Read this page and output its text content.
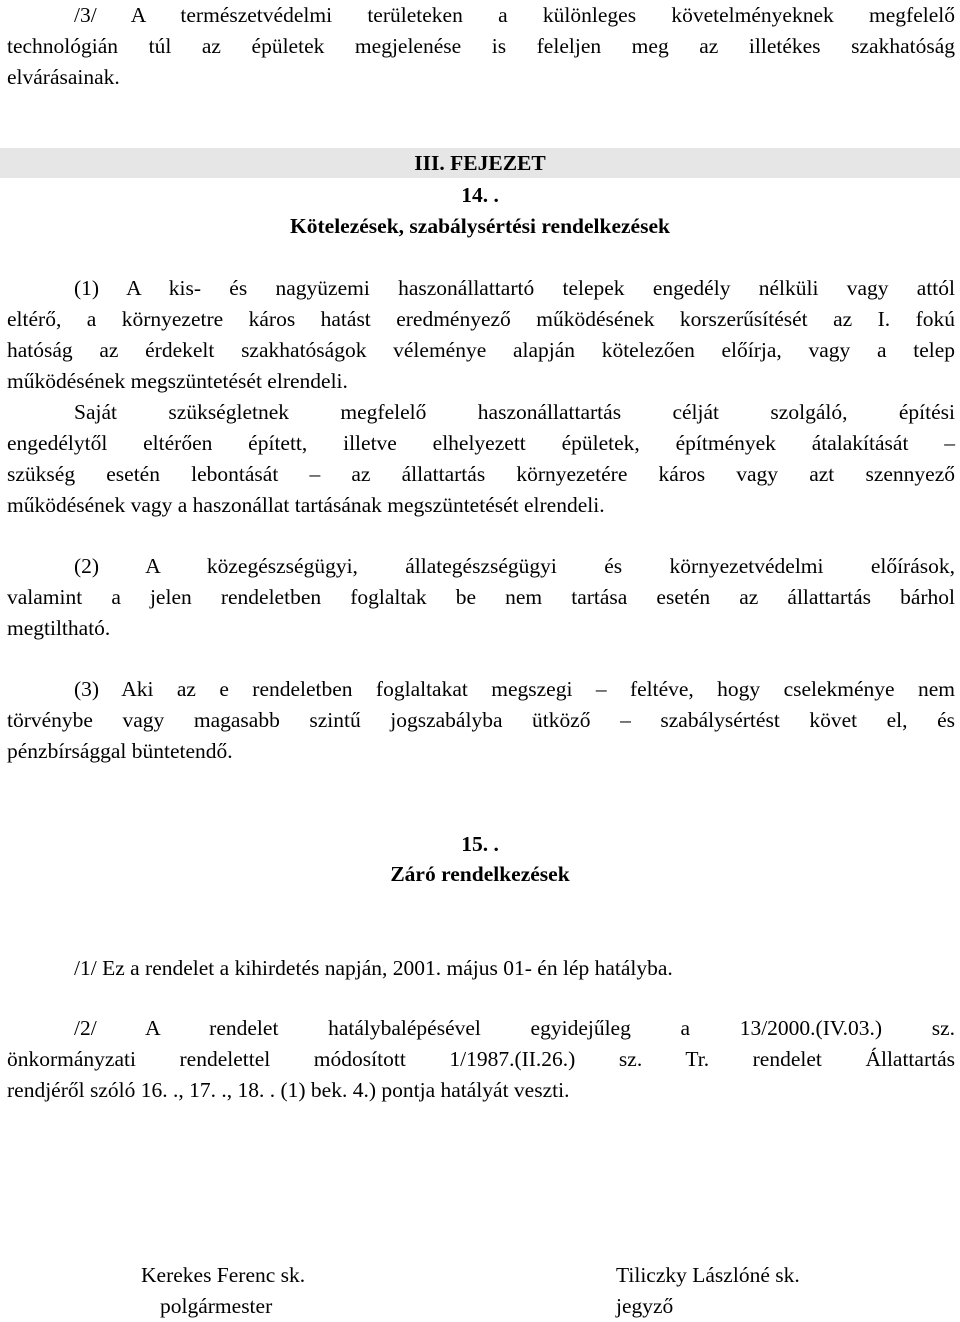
/3/ A természetvédelmi területeken a különleges követelményeknek megfelelő
technológián túl az épületek megjelenése is feleljen meg az illetékes szakhatóság
elvárásainak.

III. FEJEZET

14. .

Kötelezések, szabálysértési rendelkezések

(1) A kis- és nagyüzemi haszonállattartó telepek engedély nélküli vagy attól
eltérő, a környezetre káros hatást eredményező működésének korszerűsítését az I. fokú
hatóság az érdekelt szakhatóságok véleménye alapján kötelezően előírja, vagy a telep
működésének megszüntetését elrendeli.

Saját szükségletnek megfelelő haszonállattartás célját szolgáló, építési
engedélytől eltérően épített, illetve elhelyezett épületek, építmények átalakítását –
szükség esetén lebontását – az állattartás környezetére káros vagy azt szennyező
működésének vagy a haszonállat tartásának megszüntetését elrendeli.

(2) A közegészségügyi, állategészségügyi és környezetvédelmi előírások,
valamint a jelen rendeletben foglaltak be nem tartása esetén az állattartás bárhol
megtiltható.

(3) Aki az e rendeletben foglaltakat megszegi – feltéve, hogy cselekménye nem
törvénybe vagy magasabb szintű jogszabályba ütköző – szabálysértést követ el, és
pénzbírsággal büntetendő.

15. .

Záró rendelkezések

/1/ Ez a rendelet a kihirdetés napján, 2001. május 01- én lép hatályba.

/2/ A rendelet hatálybalépésével egyidejűleg a 13/2000.(IV.03.) sz.
önkormányzati rendelettel módosított 1/1987.(II.26.) sz. Tr. rendelet Állattartás
rendjéről szóló 16. ., 17. ., 18. . (1) bek. 4.) pontja hatályát veszti.

Kerekes Ferenc sk.

polgármester

Tiliczky Lászlóné sk.

jegyző
